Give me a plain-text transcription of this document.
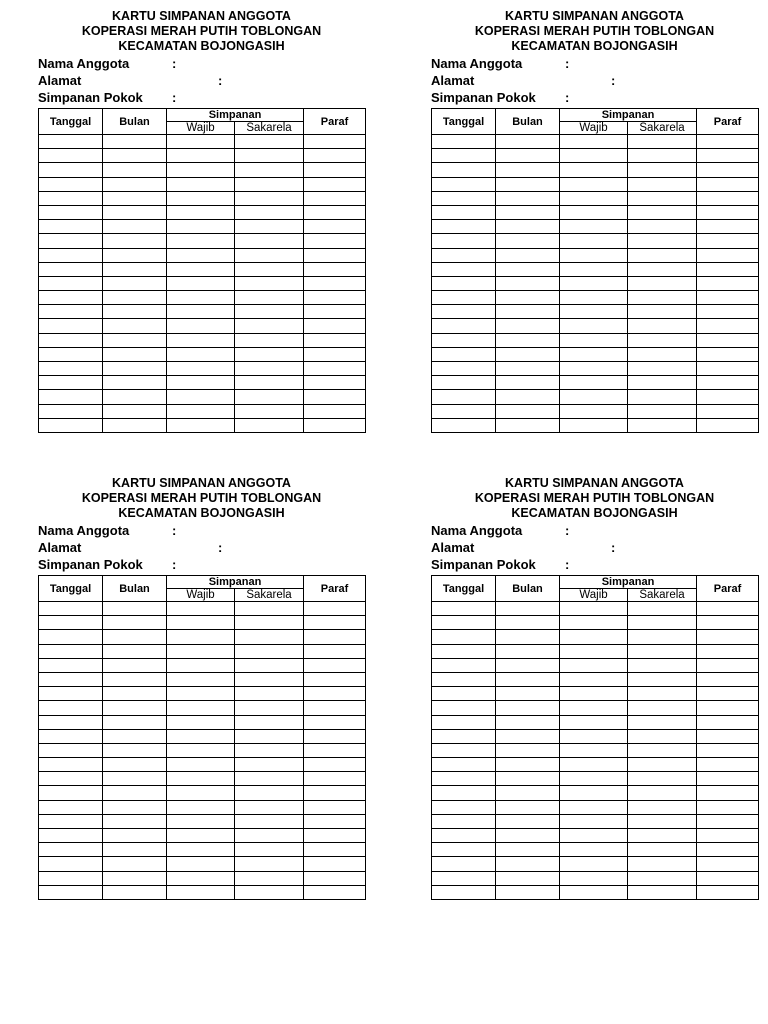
KARTU SIMPANAN ANGGOTA
KOPERASI MERAH PUTIH TOBLONGAN
KECAMATAN BOJONGASIH
Nama Anggota	:
Alamat	:
Simpanan Pokok :
Tanggal	Bulan	Simpanan		Paraf
		Wajib	Sakarela	

KARTU SIMPANAN ANGGOTA
KOPERASI MERAH PUTIH TOBLONGAN
KECAMATAN BOJONGASIH
Nama Anggota	:
Alamat	:
Simpanan Pokok :
Tanggal	Bulan	Simpanan		Paraf
		Wajib	Sakarela	

KARTU SIMPANAN ANGGOTA
KOPERASI MERAH PUTIH TOBLONGAN
KECAMATAN BOJONGASIH
Nama Anggota	:
Alamat	:
Simpanan Pokok :
Tanggal	Bulan	Simpanan		Paraf
		Wajib	Sakarela	

KARTU SIMPANAN ANGGOTA
KOPERASI MERAH PUTIH TOBLONGAN
KECAMATAN BOJONGASIH
Nama Anggota	:
Alamat	:
Simpanan Pokok :
Tanggal	Bulan	Simpanan		Paraf
		Wajib	Sakarela	
